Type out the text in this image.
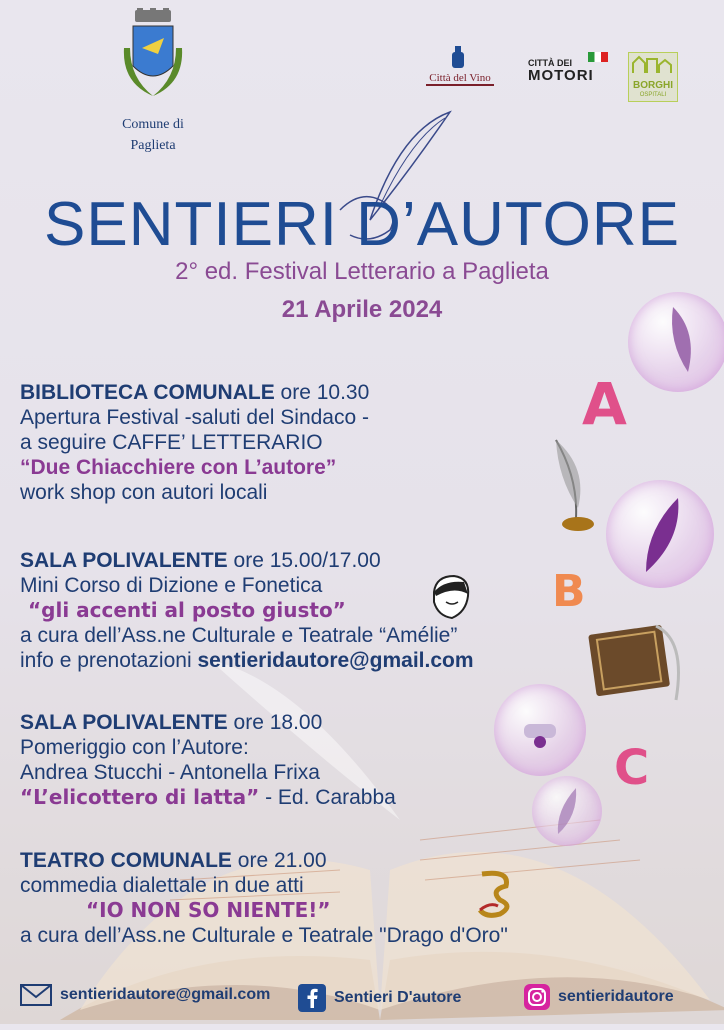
Comune di
Paglieta
Città del Vino
CITTÀ DEI
MOTORI
BORGHI
OSPITALI
SENTIERI D’AUTORE
2° ed. Festival Letterario a Paglieta
21 Aprile 2024
A
B
C
BIBLIOTECA COMUNALE ore 10.30
Apertura Festival -saluti del Sindaco -
a seguire CAFFE’ LETTERARIO
“Due Chiacchiere con L’autore”
work shop con autori locali
SALA POLIVALENTE ore 15.00/17.00
Mini Corso di Dizione e Fonetica
“gli accenti al posto giusto”
a cura dell’Ass.ne Culturale e Teatrale “Amélie”
info e prenotazioni sentieridautore@gmail.com
SALA POLIVALENTE ore 18.00
Pomeriggio con l’Autore:
Andrea Stucchi - Antonella Frixa
“L’elicottero di latta” - Ed. Carabba
TEATRO COMUNALE ore 21.00
commedia dialettale in due atti
“IO NON SO NIENTE!”
a cura dell’Ass.ne Culturale e Teatrale "Drago d'Oro"
sentieridautore@gmail.com	Sentieri D'autore	sentieridautore
